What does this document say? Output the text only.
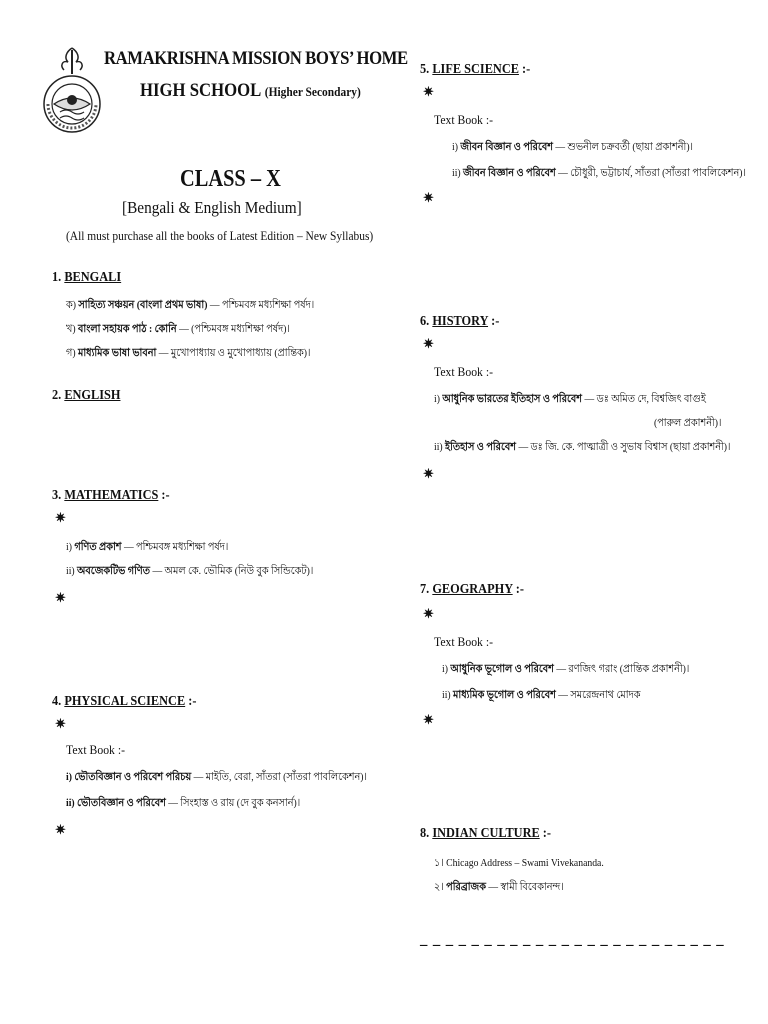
RAMAKRISHNA MISSION BOYS’ HOME
HIGH SCHOOL (Higher Secondary)
CLASS – X
[Bengali & English Medium]
(All must purchase all the books of Latest Edition – New Syllabus)
1. BENGALI
ক) সাহিত্য সঞ্চয়ন (বাংলা প্রথম ভাষা) — পশ্চিমবঙ্গ মধ্যশিক্ষা পর্ষদ।
খ) বাংলা সহায়ক পাঠ : কোনি — (পশ্চিমবঙ্গ মধ্যশিক্ষা পর্ষদ)।
গ) মাধ্যমিক ভাষা ভাবনা — মুখোপাধ্যায় ও মুখোপাধ্যায় (প্রান্তিক)।
2. ENGLISH
3. MATHEMATICS :-
✷
i) গণিত প্রকাশ — পশ্চিমবঙ্গ মধ্যশিক্ষা পর্ষদ।
ii) অবজেকটিভ গণিত — অমল কে. ভৌমিক (নিউ বুক সিন্ডিকেট)।
✷
4. PHYSICAL SCIENCE :-
✷
Text Book :-
i) ভৌতবিজ্ঞান ও পরিবেশ পরিচয় — মাইতি, বেরা, সাঁতরা (সাঁতরা পাবলিকেশন)।
ii) ভৌতবিজ্ঞান ও পরিবেশ — সিংহাস্ত ও রায় (দে বুক কনসার্ন)।
✷
5. LIFE SCIENCE :-
✷
Text Book :-
i) জীবন বিজ্ঞান ও পরিবেশ — শুভনীল চক্রবর্তী (ছায়া প্রকাশনী)।
ii) জীবন বিজ্ঞান ও পরিবেশ — চৌধুরী, ভট্টাচার্য, সাঁতরা (সাঁতরা পাবলিকেশন)।
✷
6. HISTORY :-
✷
Text Book :-
i) আধুনিক ভারতের ইতিহাস ও পরিবেশ — ডঃ অমিত দে, বিশ্বজিৎ বাগুই
(পারুল প্রকাশনী)।
ii) ইতিহাস ও পরিবেশ — ডঃ জি. কে. পাত্মাত্রী ও সুভাষ বিশ্বাস (ছায়া প্রকাশনী)।
✷
7. GEOGRAPHY :-
✷
Text Book :-
i) আধুনিক ভূগোল ও পরিবেশ — রণজিৎ গরাং (প্রান্তিক প্রকাশনী)।
ii) মাধ্যমিক ভূগোল ও পরিবেশ — সমরেন্দ্রনাথ মোদক
✷
8. INDIAN CULTURE :-
১। Chicago Address – Swami Vivekananda.
২। পরিব্রাজক — স্বামী বিবেকানন্দ।
– – – – – – – – – – – – – – – – – – – – – – – –
